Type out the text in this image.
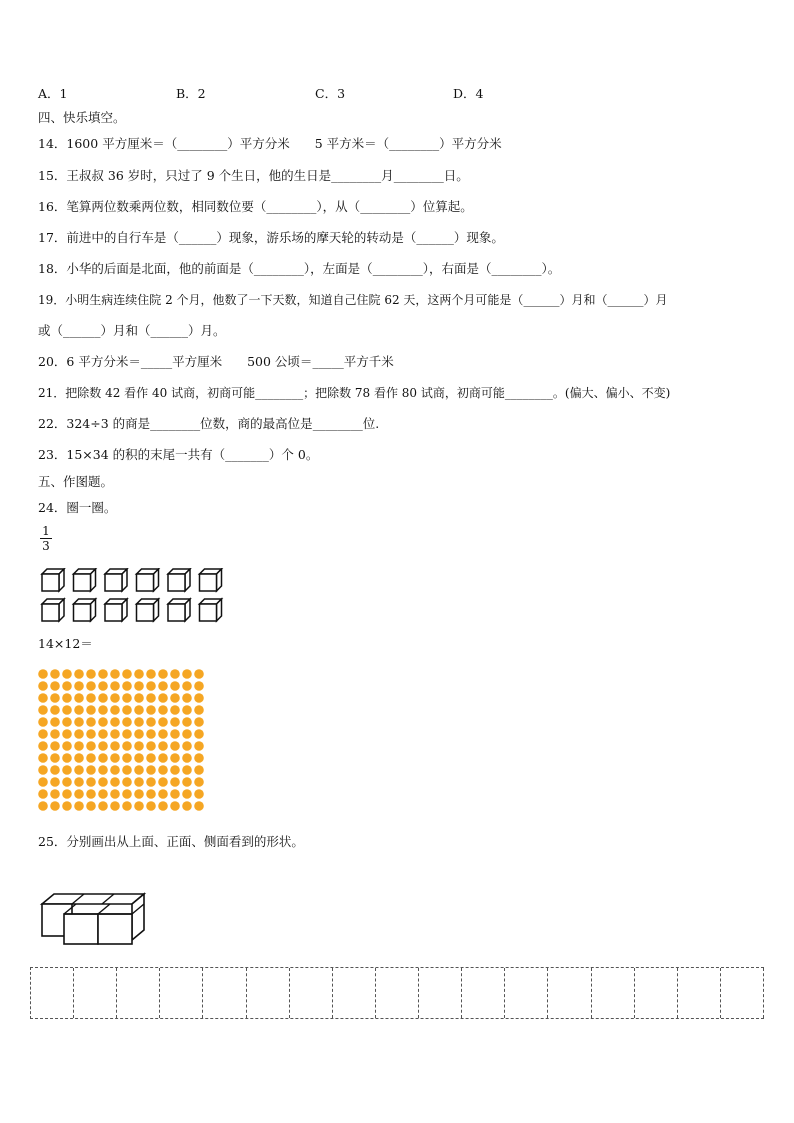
A．1	B．2	C．3	D．4
四、快乐填空。
14．1600 平方厘米＝（________）平方分米　　5 平方米＝（________）平方分米
15．王叔叔 36 岁时，只过了 9 个生日，他的生日是________月________日。
16．笔算两位数乘两位数，相同数位要（________），从（________）位算起。
17．前进中的自行车是（______）现象，游乐场的摩天轮的转动是（______）现象。
18．小华的后面是北面，他的前面是（________），左面是（________），右面是（________）。
19．小明生病连续住院 2 个月，他数了一下天数，知道自己住院 62 天，这两个月可能是（______）月和（______）月
或（______）月和（______）月。
20．6 平方分米＝_____平方厘米　　500 公顷＝_____平方千米
21．把除数 42 看作 40 试商，初商可能________；把除数 78 看作 80 试商，初商可能________。(偏大、偏小、不变)
22．324÷3 的商是________位数，商的最高位是________位.
23．15×34 的积的末尾一共有（_______）个 0。
五、作图题。
24．圈一圈。
$\frac{1}{3}$
14×12＝
25．分别画出从上面、正面、侧面看到的形状。
